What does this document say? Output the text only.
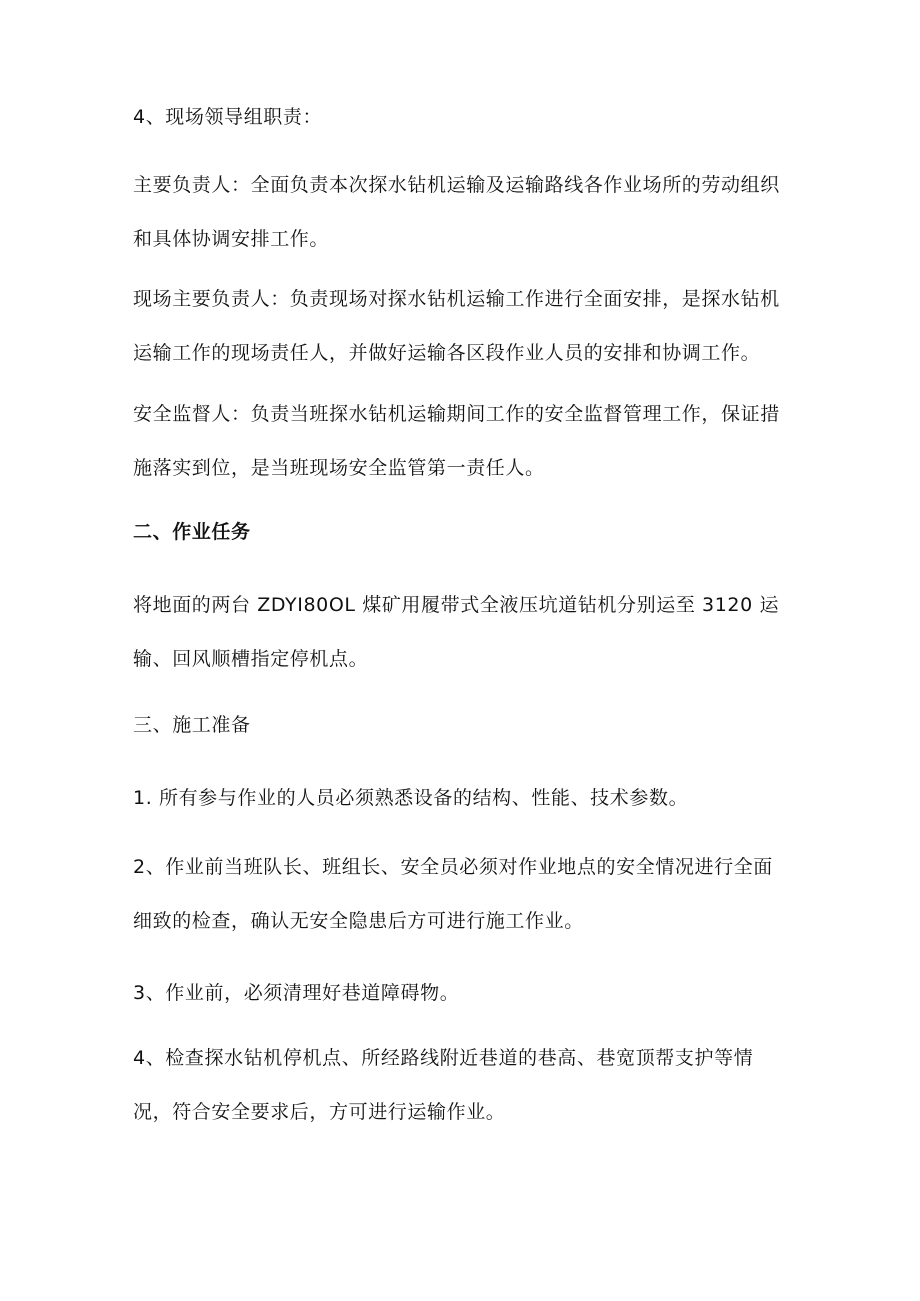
4、现场领导组职责：

主要负责人：全面负责本次探水钻机运输及运输路线各作业场所的劳动组织
和具体协调安排工作。

现场主要负责人：负责现场对探水钻机运输工作进行全面安排，是探水钻机
运输工作的现场责任人，并做好运输各区段作业人员的安排和协调工作。

安全监督人：负责当班探水钻机运输期间工作的安全监督管理工作，保证措
施落实到位，是当班现场安全监管第一责任人。

二、作业任务

将地面的两台 ZDYI80OL 煤矿用履带式全液压坑道钻机分别运至 3120 运
输、回风顺槽指定停机点。

三、施工准备

1. 所有参与作业的人员必须熟悉设备的结构、性能、技术参数。

2、作业前当班队长、班组长、安全员必须对作业地点的安全情况进行全面
细致的检查，确认无安全隐患后方可进行施工作业。

3、作业前，必须清理好巷道障碍物。

4、检查探水钻机停机点、所经路线附近巷道的巷高、巷宽顶帮支护等情
况，符合安全要求后，方可进行运输作业。
